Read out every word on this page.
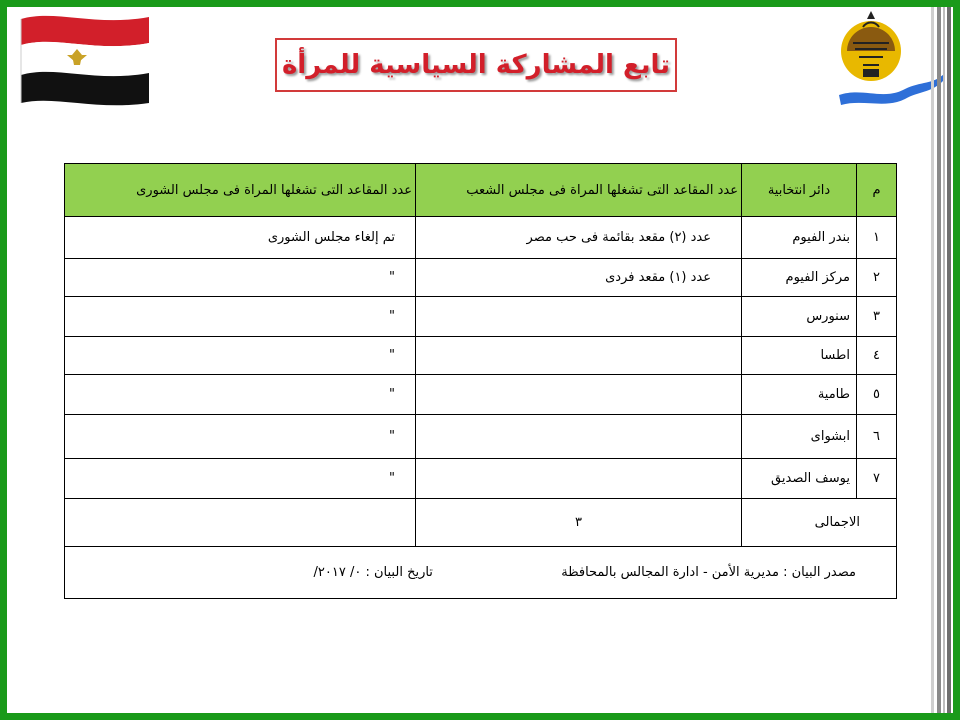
تابع المشاركة السياسية للمرأة
م	دائر انتخابية	عدد المقاعد التى تشغلها المراة فى مجلس الشعب	عدد المقاعد التى تشغلها المراة فى مجلس الشورى
١	بندر الفيوم	عدد (٢) مقعد بقائمة فى حب مصر	تم إلغاء مجلس الشورى
٢	مركز الفيوم	عدد (١) مقعد فردى	"
٣	سنورس		"
٤	اطسا		"
٥	طامية		"
٦	ابشواى		"
٧	يوسف الصديق		"
الاجمالى		٣	
مصدر البيان : مديرية الأمن - ادارة المجالس بالمحافظة  تاريخ البيان : ٠/ ٢٠١٧/			
